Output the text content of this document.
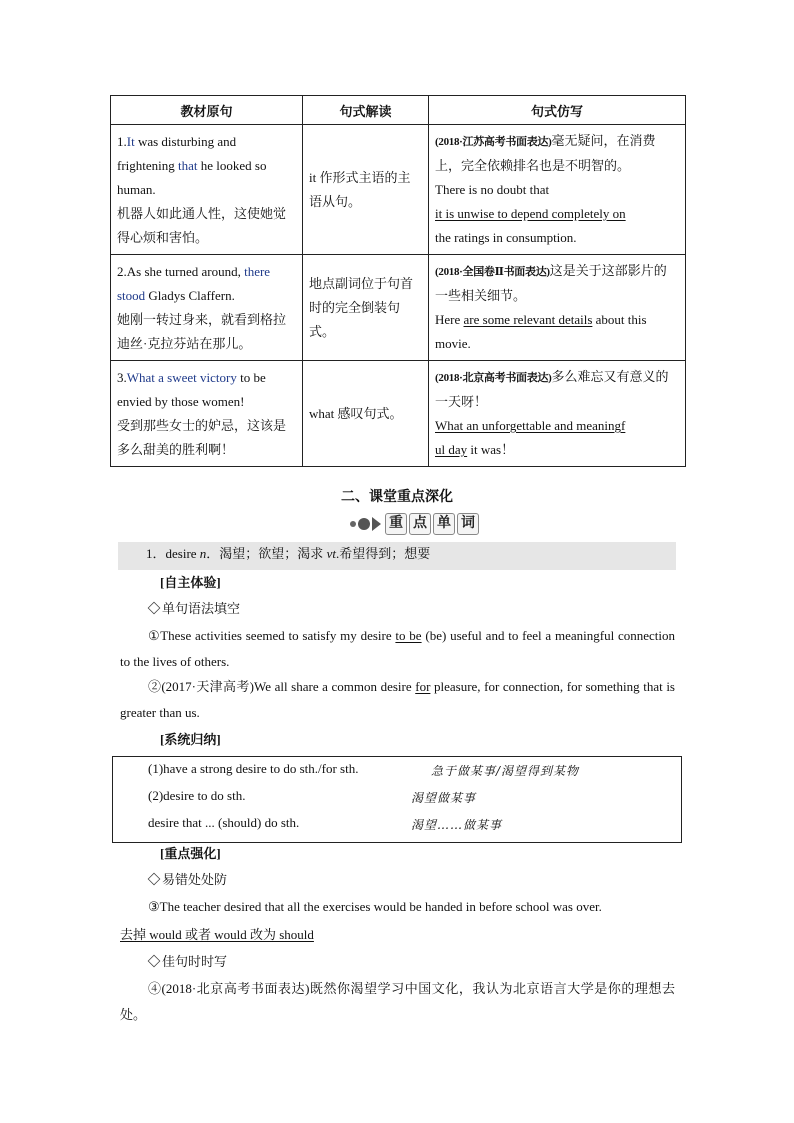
教材原句	句式解读	句式仿写
1.It was disturbing and frightening that he looked so human.
机器人如此通人性，这使她觉得心烦和害怕。	it 作形式主语的主语从句。	(2018·江苏高考书面表达)毫无疑问，在消费上，完全依赖排名也是不明智的。
There is no doubt that
it is unwise to depend completely on
the ratings in consumption.
2.As she turned around, there stood Gladys Claffern.
她刚一转过身来，就看到格拉迪丝·克拉芬站在那儿。	地点副词位于句首时的完全倒装句式。	(2018·全国卷Ⅱ书面表达)这是关于这部影片的一些相关细节。
Here are some relevant details about this movie.
3.What a sweet victory to be envied by those women!
受到那些女士的妒忌，这该是多么甜美的胜利啊！	what 感叹句式。	(2018·北京高考书面表达)多么难忘又有意义的一天呀！
What an unforgettable and meaningf
ul day it was！
二、课堂重点深化
重 点 单 词
1．desire n．渴望；欲望；渴求 vt.希望得到；想要
[自主体验]
单句语法填空
①These activities seemed to satisfy my desire to be (be) useful and to feel a meaningful connection to the lives of others.
②(2017·天津高考)We all share a common desire for pleasure, for connection, for something that is greater than us.
[系统归纳]
(1)have a strong desire to do sth./for sth.	急于做某事/渴望得到某物
(2)desire to do sth.	渴望做某事
desire that ... (should) do sth.	渴望……做某事
[重点强化]
易错处处防
③The teacher desired that all the exercises would be handed in before school was over.
去掉 would 或者 would 改为 should
佳句时时写
④(2018·北京高考书面表达)既然你渴望学习中国文化，我认为北京语言大学是你的理想去处。
